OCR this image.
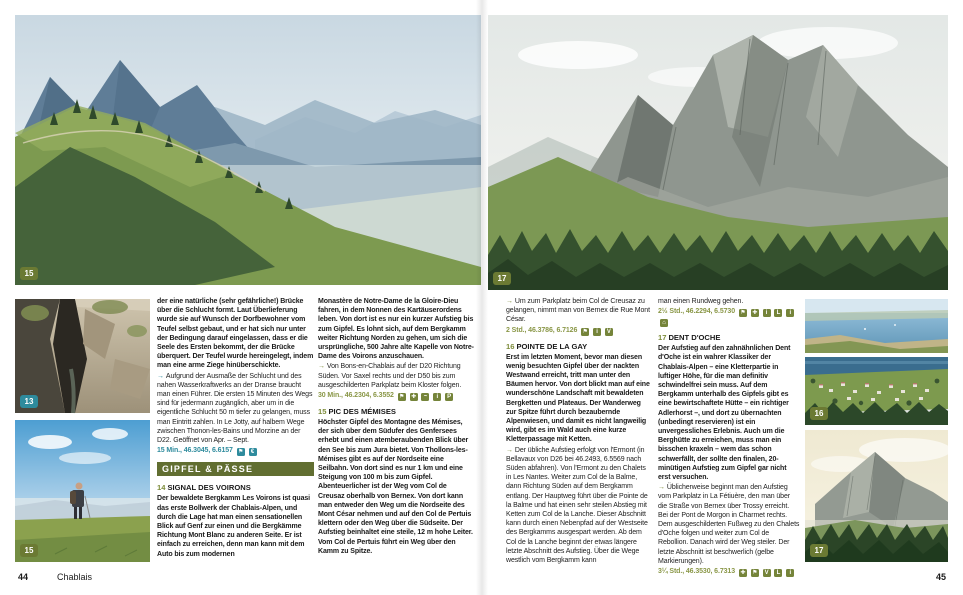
15
13
15

der eine natürliche (sehr gefährliche!) Brücke über die Schlucht formt. Laut Überlieferung wurde sie auf Wunsch der Dorfbewohner vom Teufel selbst gebaut, und er hat sich nur unter der Bedingung darauf eingelassen, dass er die Seele des Ersten bekommt, der die Brücke überquert. Der Teufel wurde hereingelegt, indem man eine arme Ziege hinüberschickte.

→ Aufgrund der Ausmaße der Schlucht und des nahen Wasserkraftwerks an der Dranse braucht man einen Führer. Die ersten 15 Minuten des Wegs sind für jedermann zugänglich, aber um in die eigentliche Schlucht 50 m tiefer zu gelangen, muss man Eintritt zahlen. In Le Jotty, auf halbem Wege zwischen Thonon-les-Bains und Morzine an der D22. Geöffnet von Apr. – Sept.

15 Min., 46.3045, 6.6157 ⚑ €

GIPFEL & PÄSSE
14 SIGNAL DES VOIRONS

Der bewaldete Bergkamm Les Voirons ist quasi das erste Bollwerk der Chablais-Alpen, und durch die Lage hat man einen sensationellen Blick auf Genf zur einen und die Bergkämme Richtung Mont Blanc zu anderen Seite. Er ist einfach zu erreichen, denn man kann mit dem Auto bis zum modernen

Monastère de Notre-Dame de la Gloire-Dieu fahren, in dem Nonnen des Kartäuserordens leben. Von dort ist es nur ein kurzer Aufstieg bis zum Gipfel. Es lohnt sich, auf dem Bergkamm weiter Richtung Norden zu gehen, um sich die ursprüngliche, 500 Jahre alte Kapelle von Notre-Dame des Voirons anzuschauen.

→ Von Bons-en-Chablais auf der D20 Richtung Süden. Vor Saxel rechts und der D50 bis zum ausgeschilderten Parkplatz beim Kloster folgen.

30 Min., 46.2304, 6.3552 ⚑ ✚ ~ i P

15 PIC DES MÉMISES

Höchster Gipfel des Montagne des Mémises, der sich über dem Südufer des Genfersees erhebt und einen atemberaubenden Blick über den See bis zum Jura bietet. Von Thollons-les-Mémises gibt es auf der Nordseite eine Seilbahn. Von dort sind es nur 1 km und eine Steigung von 100 m bis zum Gipfel. Abenteuerlicher ist der Weg vom Col de Creusaz oberhalb von Bernex. Von dort kann man entweder den Weg um die Nordseite des Mont César nehmen und auf den Col de Pertuis klettern oder den Weg über die Südseite. Der Aufstieg beinhaltet eine steile, 12 m hohe Leiter. Vom Col de Pertuis führt ein Weg über den Kamm zu Spitze.

44	Chablais
17

→ Um zum Parkplatz beim Col de Creusaz zu gelangen, nimmt man von Bernex die Rue Mont César.

2 Std., 46.3786, 6.7126 ⚑ i V

16 POINTE DE LA GAY

Erst im letzten Moment, bevor man diesen wenig besuchten Gipfel über der nackten Westwand erreicht, tritt man unter den Bäumen hervor. Von dort blickt man auf eine wunderschöne Landschaft mit bewaldeten Bergketten und Plateaus. Der Wanderweg zur Spitze führt durch bezaubernde Alpenwiesen, und damit es nicht langweilig wird, gibt es im Wald auch eine kurze Kletterpassage mit Ketten.

→ Der übliche Aufstieg erfolgt von l'Ermont (in Bellavaux von D26 bei 46.2493, 6.5569 nach Süden abfahren). Von l'Ermont zu den Chalets in Les Nantes. Weiter zum Col de la Balme, dann Richtung Süden auf dem Bergkamm entlang. Der Hauptweg führt über die Pointe de la Balme und hat einen sehr steilen Abstieg mit Ketten zum Col de la Lanche. Dieser Abschnitt kann durch einen Nebenpfad auf der Westseite des Bergkamms ausgespart werden. Ab dem Col de la Lanche beginnt der etwas längere letzte Abschnitt des Aufstieg. Über die Wege westlich vom Bergkamm kann

man einen Rundweg gehen.

2½ Std., 46.2294, 6.5730 ⚑ ✚ i L i ⌂

17 DENT D'OCHE

Der Aufstieg auf den zahnähnlichen Dent d'Oche ist ein wahrer Klassiker der Chablais-Alpen – eine Kletterpartie in luftiger Höhe, für die man definitiv schwindelfrei sein muss. Auf dem Bergkamm unterhalb des Gipfels gibt es eine bewirtschaftete Hütte – ein richtiger Adlerhorst –, und dort zu übernachten (unbedingt reservieren) ist ein unvergessliches Erlebnis. Auch um die Berghütte zu erreichen, muss man ein bisschen kraxeln – wem das schon schwerfällt, der sollte den finalen, 20-minütigen Aufstieg zum Gipfel gar nicht erst versuchen.

→ Üblicherweise beginnt man den Aufstieg vom Parkplatz in La Fétiuère, den man über die Straße von Bernex über Trossy erreicht. Bei der Pont de Morgon in Charmet rechts. Dem ausgeschilderten Fußweg zu den Chalets d'Oche folgen und weiter zum Col de Rebollion. Danach wird der Weg steiler. Der letzte Abschnitt ist beschwerlich (gelbe Markierungen).

3¼ Std., 46.3530, 6.7313 ✚ ⚑ V L i

16
17
45
